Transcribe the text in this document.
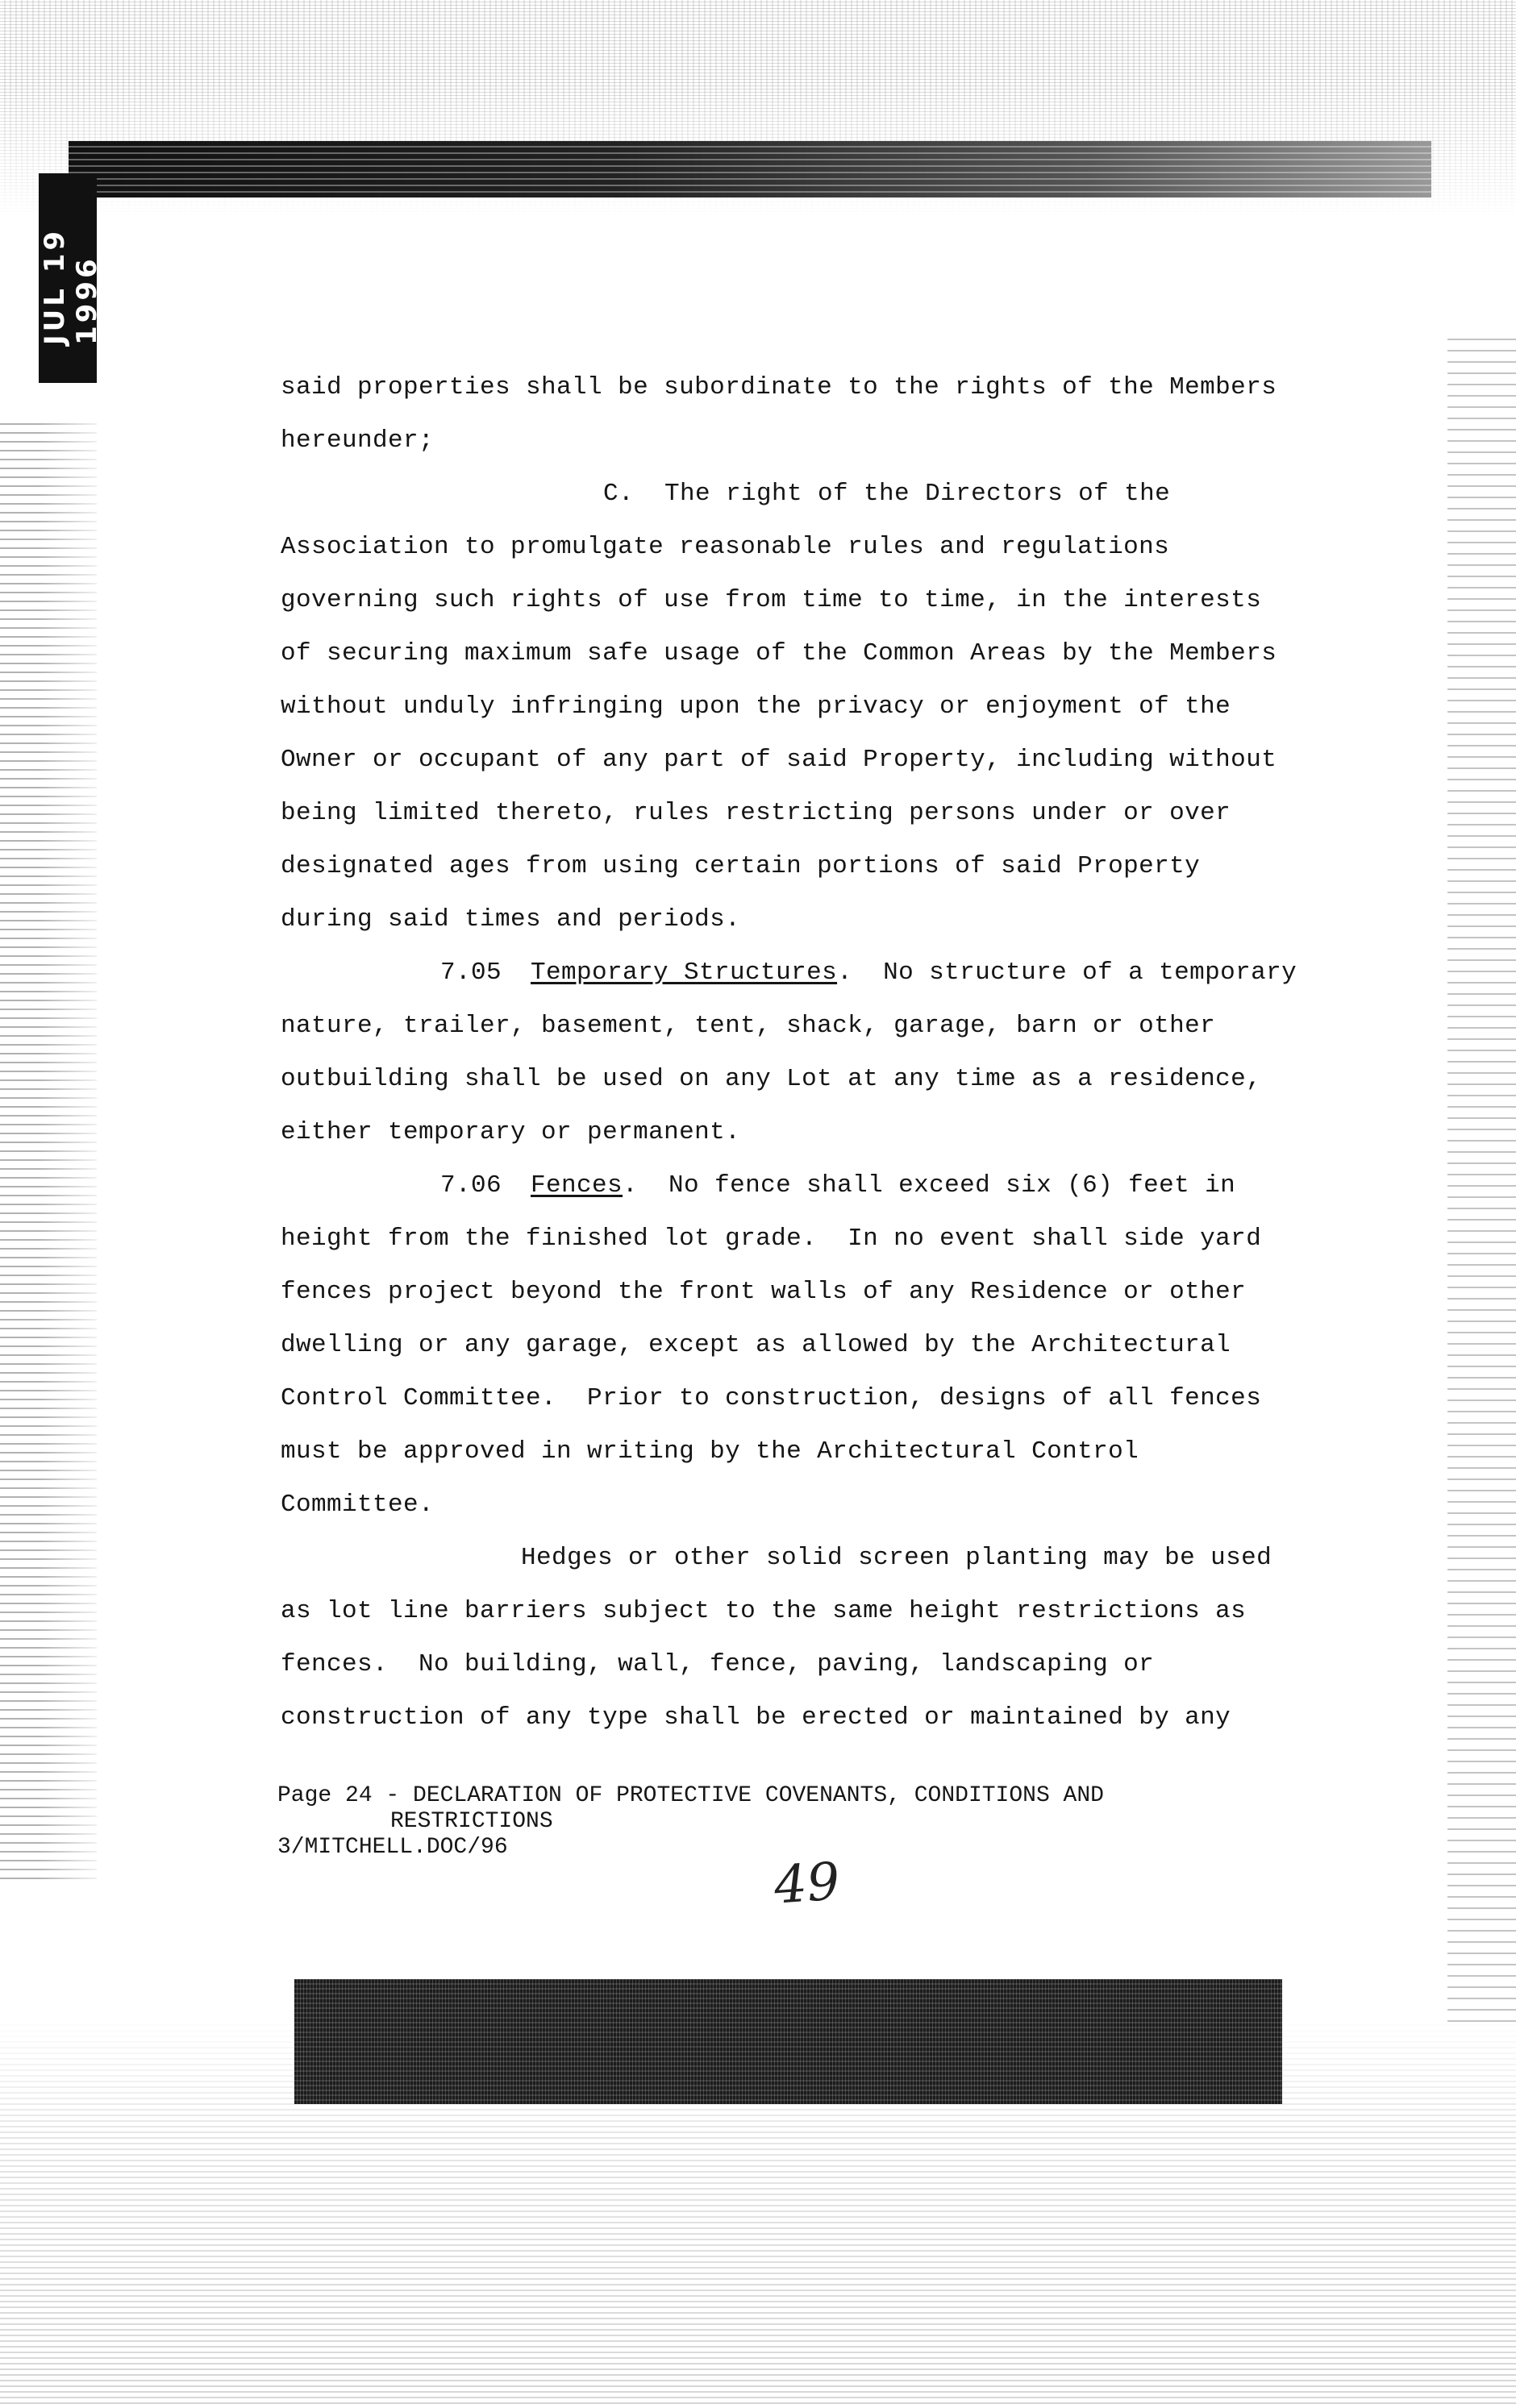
JUL 19 1996
said properties shall be subordinate to the rights of the Members
hereunder;
C.  The right of the Directors of the
Association to promulgate reasonable rules and regulations
governing such rights of use from time to time, in the interests
of securing maximum safe usage of the Common Areas by the Members
without unduly infringing upon the privacy or enjoyment of the
Owner or occupant of any part of said Property, including without
being limited thereto, rules restricting persons under or over
designated ages from using certain portions of said Property
during said times and periods.
7.05 Temporary Structures.  No structure of a temporary
nature, trailer, basement, tent, shack, garage, barn or other
outbuilding shall be used on any Lot at any time as a residence,
either temporary or permanent.
7.06 Fences.  No fence shall exceed six (6) feet in
height from the finished lot grade.  In no event shall side yard
fences project beyond the front walls of any Residence or other
dwelling or any garage, except as allowed by the Architectural
Control Committee.  Prior to construction, designs of all fences
must be approved in writing by the Architectural Control
Committee.
Hedges or other solid screen planting may be used
as lot line barriers subject to the same height restrictions as
fences.  No building, wall, fence, paving, landscaping or
construction of any type shall be erected or maintained by any
Page 24 - DECLARATION OF PROTECTIVE COVENANTS, CONDITIONS AND
RESTRICTIONS
3/MITCHELL.DOC/96
49
